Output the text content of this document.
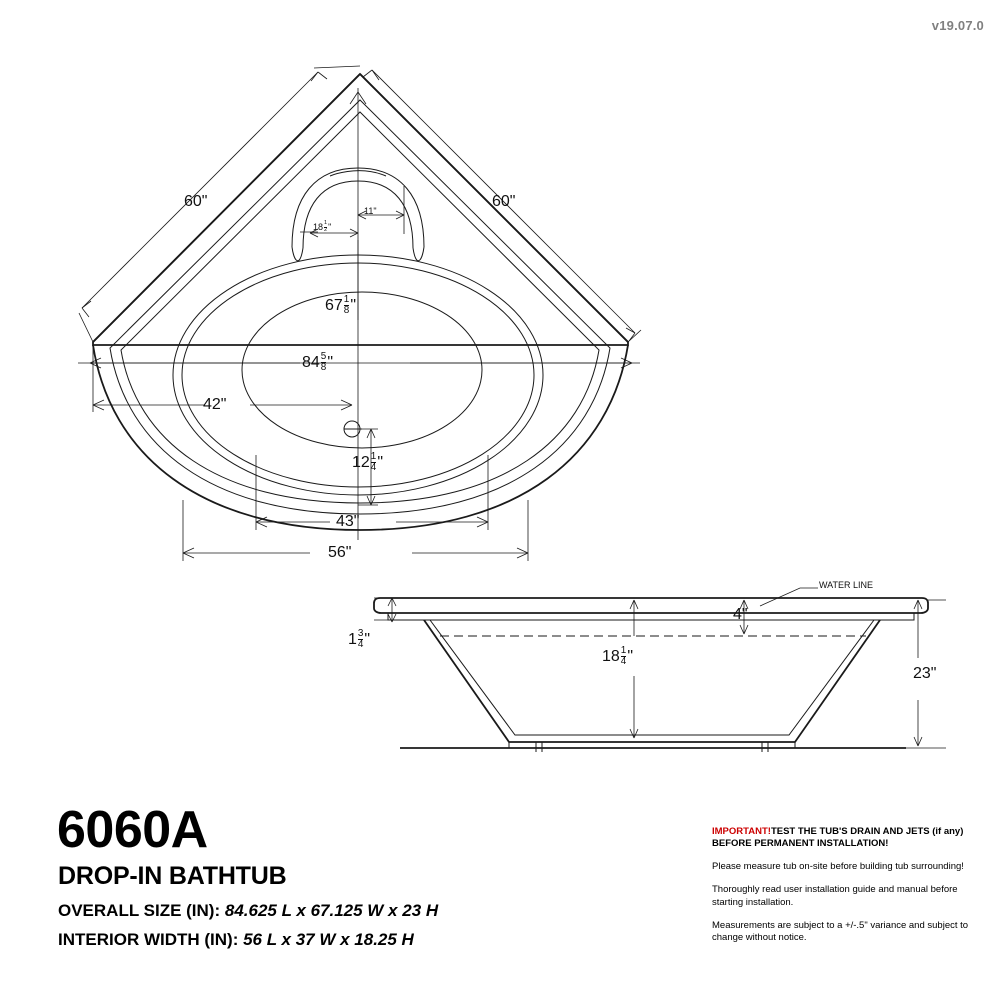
v19.07.0
60 "	60 "
11 "
$18 \frac{1}{2}$ "
$67 \frac{1}{8}$ "
$84 \frac{5}{8}$ "
42 "
$12 \frac{1}{4}$ "
43 "
56 "
$1 \frac{3}{4}$ "
4 "
$18 \frac{1}{4}$ "
23 "
WATER LINE
6060A
DROP-IN BATHTUB
OVERALL SIZE (IN): 84.625 L x 67.125 W x 23 H
INTERIOR WIDTH (IN): 56 L x 37 W x 18.25 H

IMPORTANT!TEST THE TUB'S DRAIN AND JETS (if any) BEFORE PERMANENT INSTALLATION!

Please measure tub on-site before building tub surrounding!

Thoroughly read user installation guide and manual before starting installation.

Measurements are subject to a +/-.5" variance and subject to change without notice.
